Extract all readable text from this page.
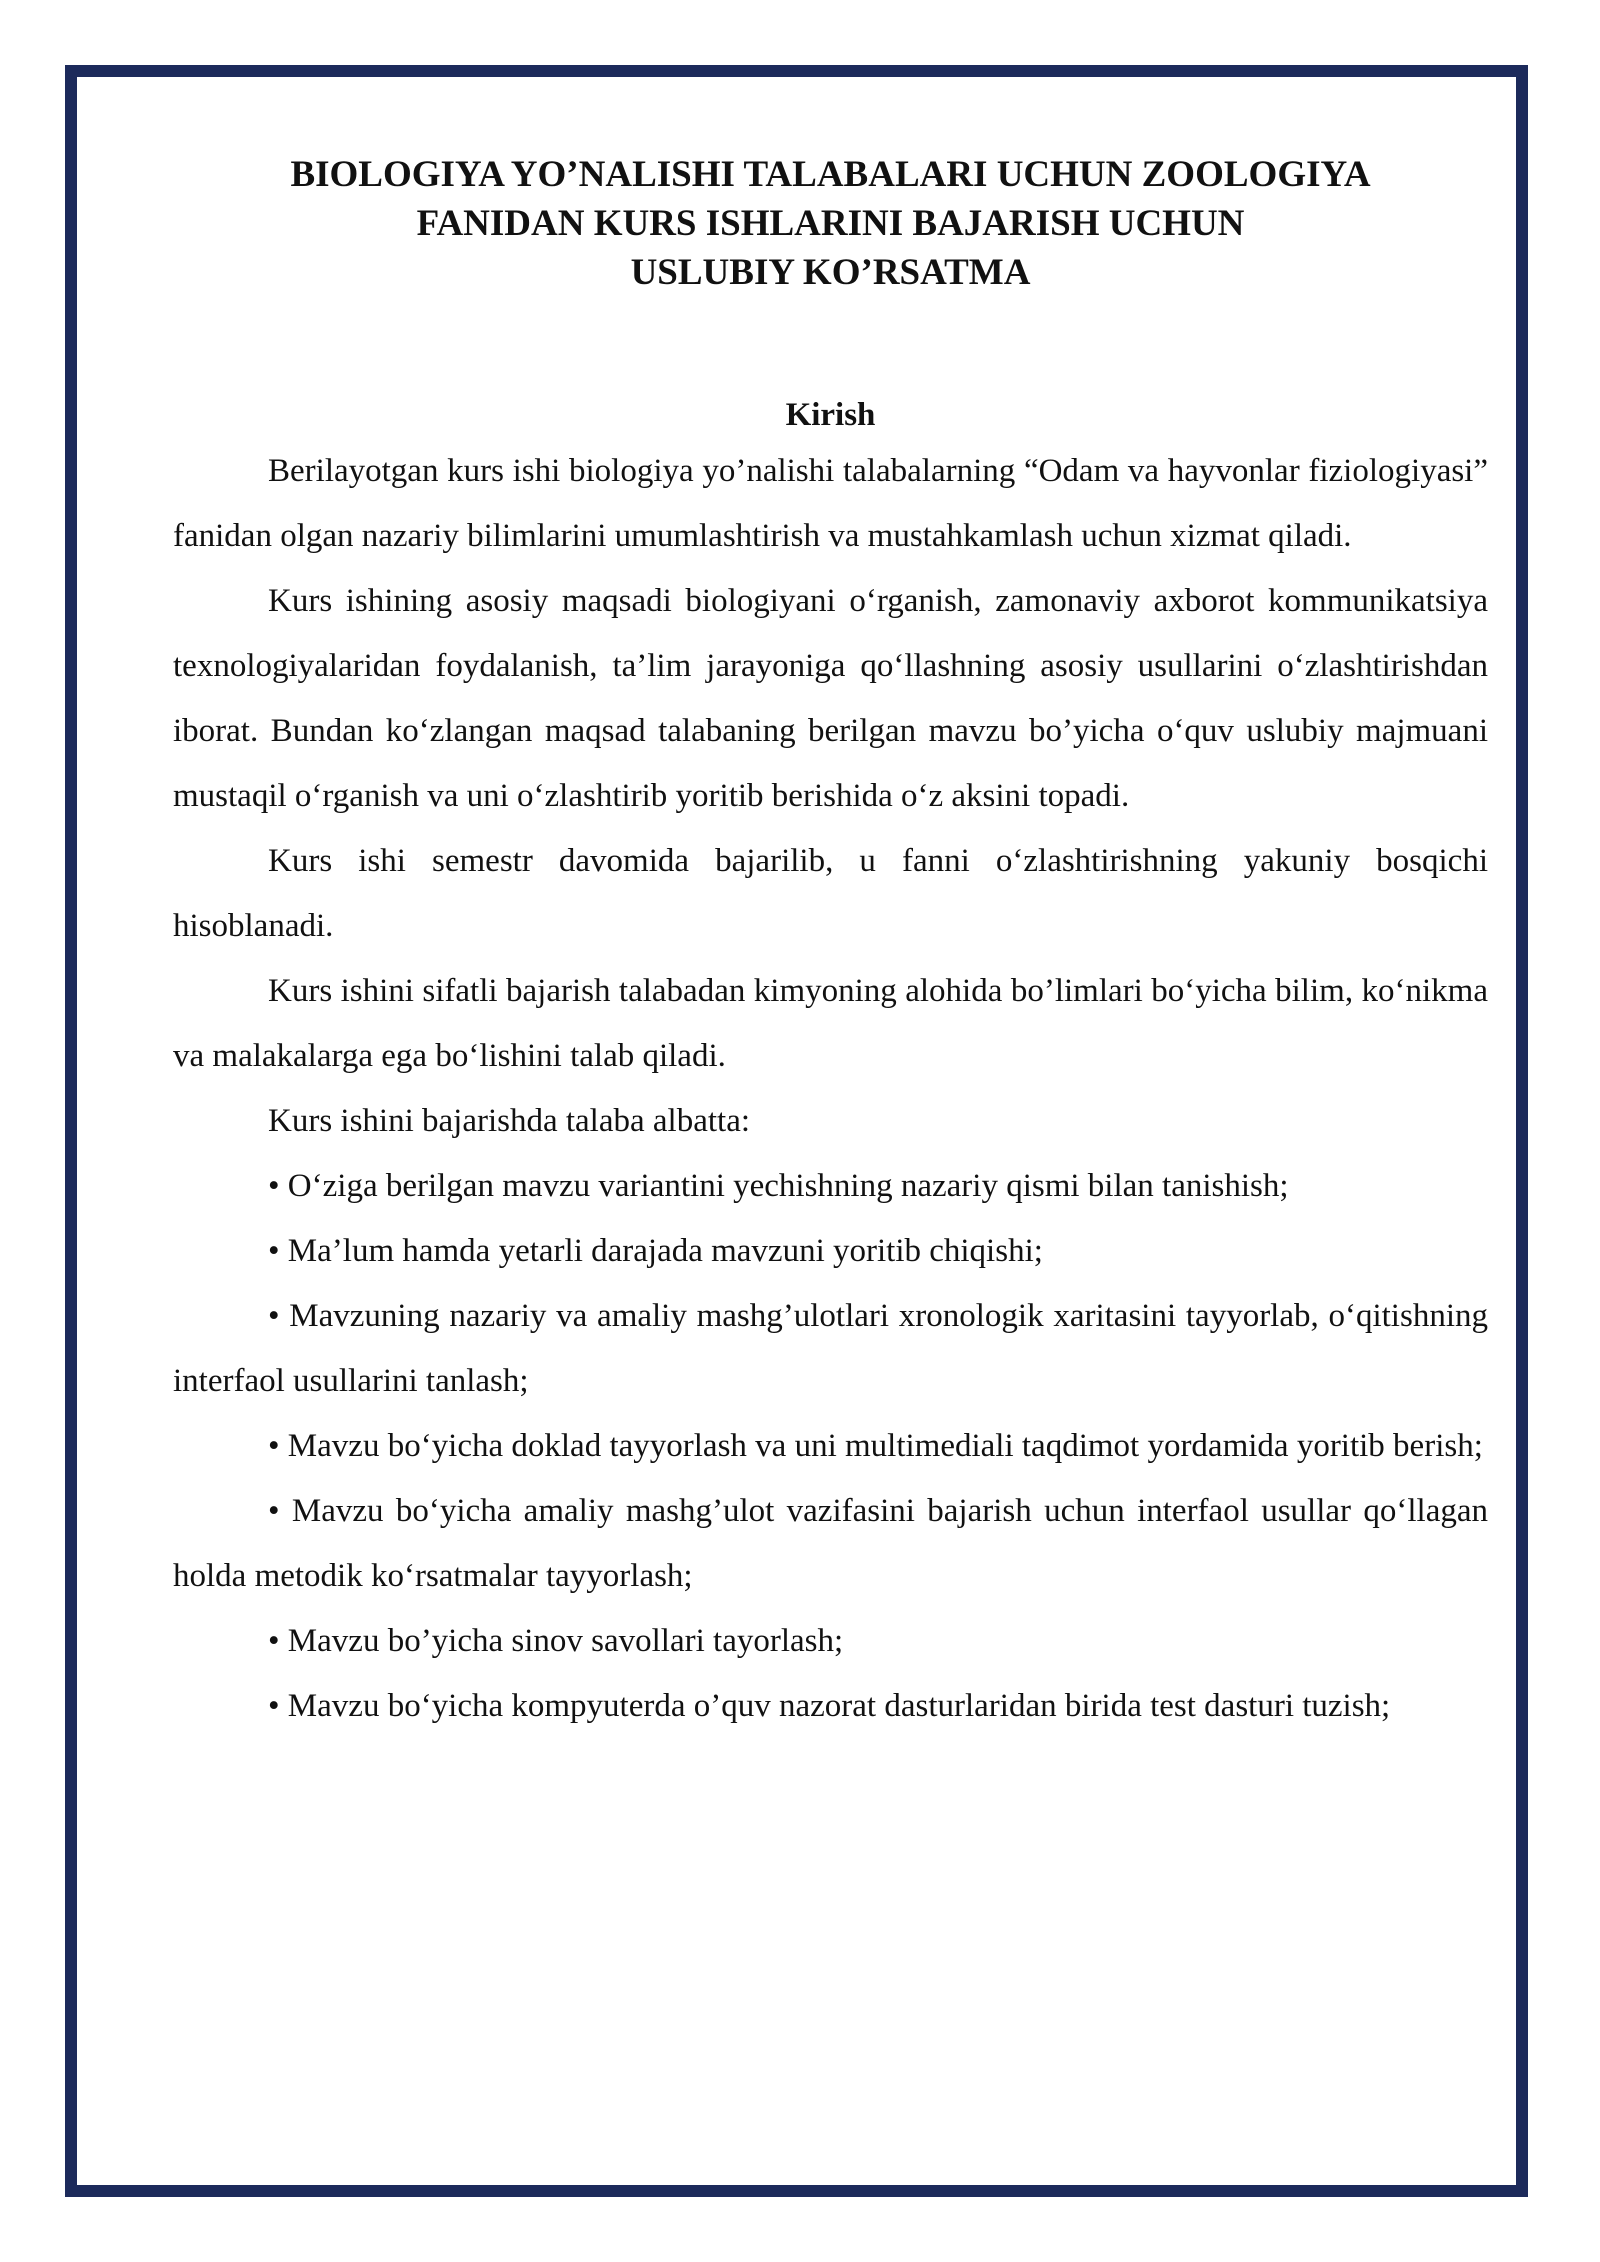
BIOLOGIYA YO’NALISHI TALABALARI UCHUN ZOOLOGIYA
FANIDAN KURS ISHLARINI BAJARISH UCHUN
USLUBIY KO’RSATMA
Kirish

Berilayotgan kurs ishi biologiya yo’nalishi talabalarning “Odam va hayvonlar fiziologiyasi” fanidan olgan nazariy bilimlarini umumlashtirish va mustahkamlash uchun xizmat qiladi.

Kurs ishining asosiy maqsadi biologiyani o‘rganish, zamonaviy axborot kommunikatsiya texnologiyalaridan foydalanish, ta’lim jarayoniga qo‘llashning asosiy usullarini o‘zlashtirishdan iborat. Bundan ko‘zlangan maqsad talabaning berilgan mavzu bo’yicha o‘quv uslubiy majmuani mustaqil o‘rganish va uni o‘zlashtirib yoritib berishida o‘z aksini topadi.

Kurs ishi semestr davomida bajarilib, u fanni o‘zlashtirishning yakuniy bosqichi hisoblanadi.

Kurs ishini sifatli bajarish talabadan kimyoning alohida bo’limlari bo‘yicha bilim, ko‘nikma va malakalarga ega bo‘lishini talab qiladi.

Kurs ishini bajarishda talaba albatta:

• O‘ziga berilgan mavzu variantini yechishning nazariy qismi bilan tanishish;

• Ma’lum hamda yetarli darajada mavzuni yoritib chiqishi;

• Mavzuning nazariy va amaliy mashg’ulotlari xronologik xaritasini tayyorlab, o‘qitishning interfaol usullarini tanlash;

• Mavzu bo‘yicha doklad tayyorlash va uni multimediali taqdimot yordamida yoritib berish;

• Mavzu bo‘yicha amaliy mashg’ulot vazifasini bajarish uchun interfaol usullar qo‘llagan holda metodik ko‘rsatmalar tayyorlash;

• Mavzu bo’yicha sinov savollari tayorlash;

• Mavzu bo‘yicha kompyuterda o’quv nazorat dasturlaridan birida test dasturi tuzish;
